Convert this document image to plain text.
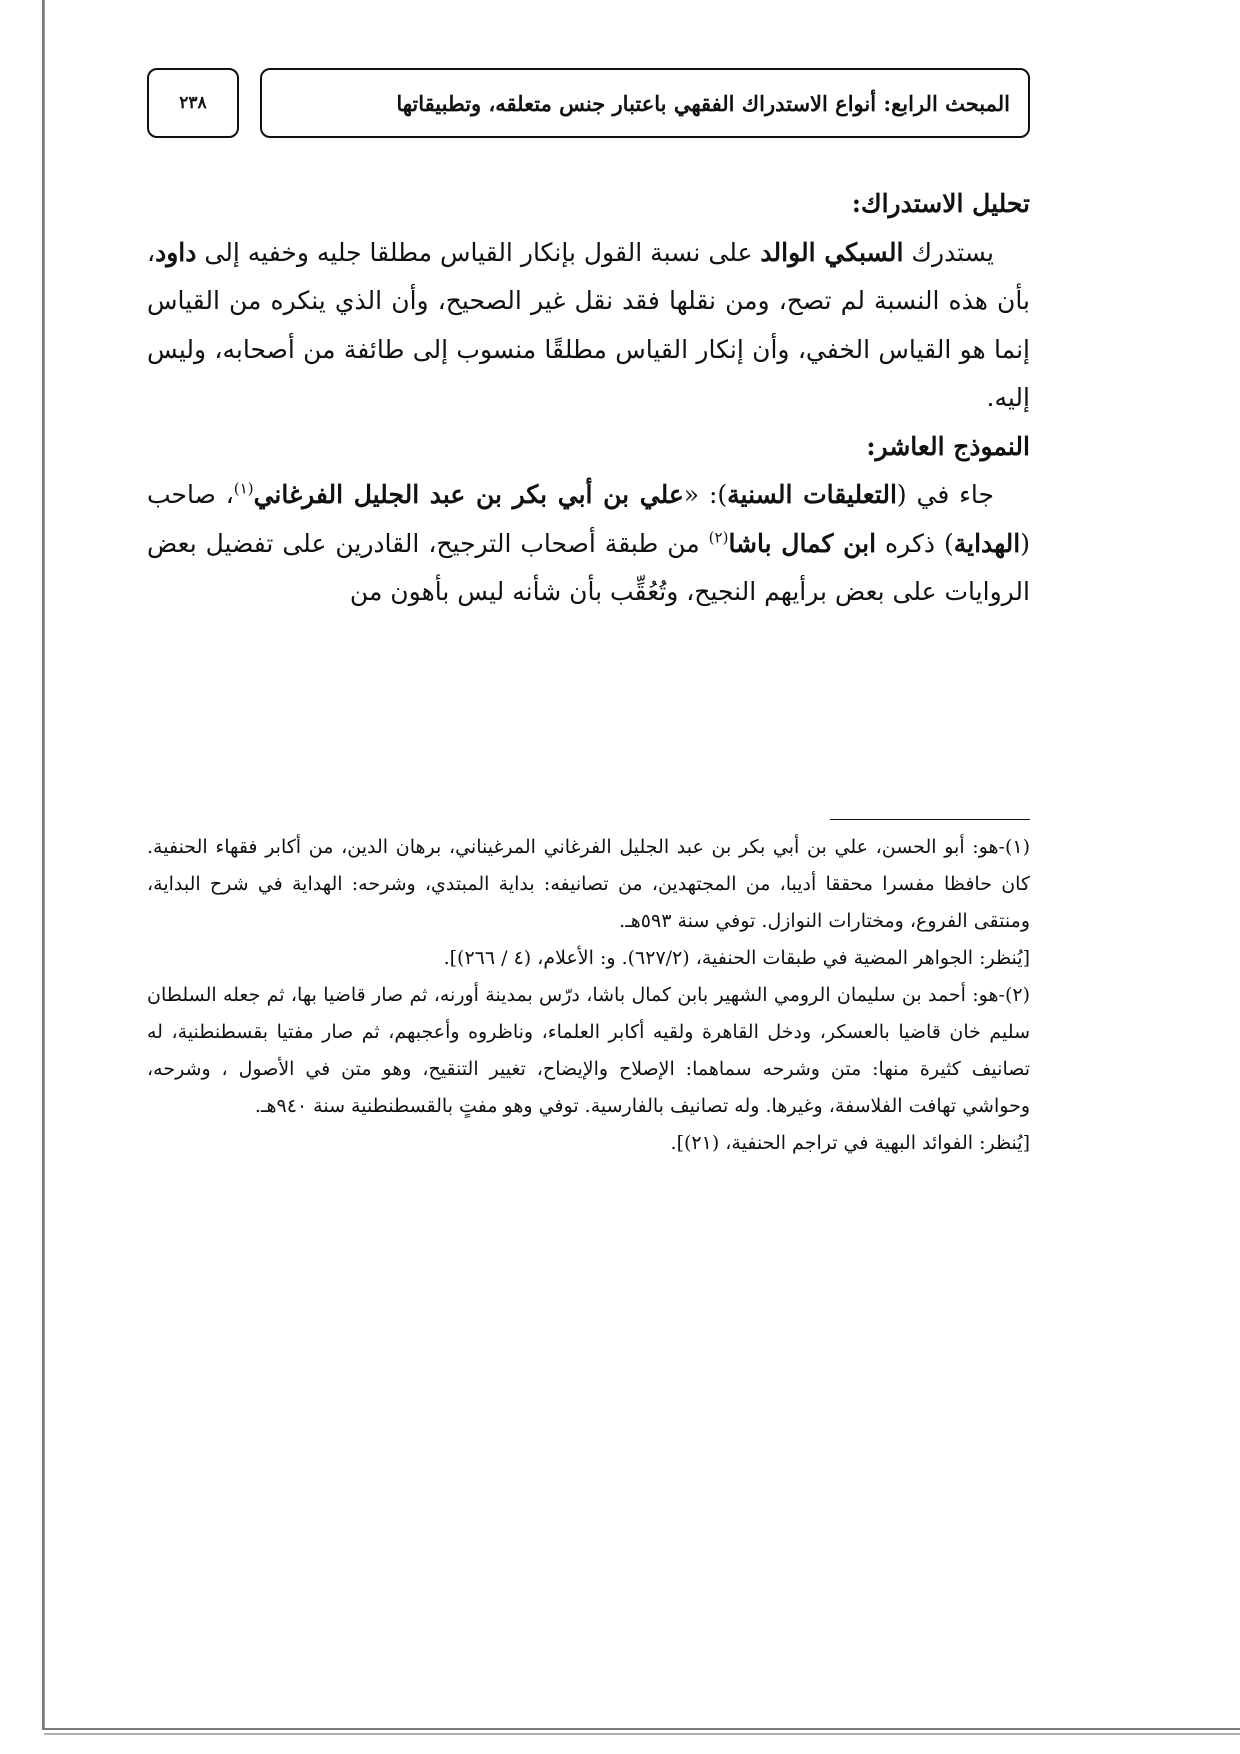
٢٣٨	المبحث الرابع: أنواع الاستدراك الفقهي باعتبار جنس متعلقه، وتطبيقاتها

تحليل الاستدراك:

يستدرك السبكي الوالد على نسبة القول بإنكار القياس مطلقا جليه وخفيه إلى داود، بأن هذه النسبة لم تصح، ومن نقلها فقد نقل غير الصحيح، وأن الذي ينكره من القياس إنما هو القياس الخفي، وأن إنكار القياس مطلقًا منسوب إلى طائفة من أصحابه، وليس إليه.

النموذج العاشر:

جاء في (التعليقات السنية): «علي بن أبي بكر بن عبد الجليل الفرغاني$^{(١)}$، صاحب (الهداية) ذكره ابن كمال باشا$^{(٢)}$ من طبقة أصحاب الترجيح، القادرين على تفضيل بعض الروايات على بعض برأيهم النجيح، وتُعُقِّب بأن شأنه ليس بأهون من

(١)-هو: أبو الحسن، علي بن أبي بكر بن عبد الجليل الفرغاني المرغيناني، برهان الدين، من أكابر فقهاء الحنفية. كان حافظا مفسرا محققا أديبا، من المجتهدين، من تصانيفه: بداية المبتدي، وشرحه: الهداية في شرح البداية، ومنتقى الفروع، ومختارات النوازل. توفي سنة ٥٩٣هـ.

[يُنظر: الجواهر المضية في طبقات الحنفية، (٦٢٧/٢). و: الأعلام، (٤ / ٢٦٦)].

(٢)-هو: أحمد بن سليمان الرومي الشهير بابن كمال باشا، درّس بمدينة أورنه، ثم صار قاضيا بها، ثم جعله السلطان سليم خان قاضيا بالعسكر، ودخل القاهرة ولقيه أكابر العلماء، وناظروه وأعجبهم، ثم صار مفتيا بقسطنطنية، له تصانيف كثيرة منها: متن وشرحه سماهما: الإصلاح والإيضاح، تغيير التنقيح، وهو متن في الأصول ، وشرحه، وحواشي تهافت الفلاسفة، وغيرها. وله تصانيف بالفارسية. توفي وهو مفتٍ بالقسطنطنية سنة ٩٤٠هـ.

[يُنظر: الفوائد البهية في تراجم الحنفية، (٢١)].
